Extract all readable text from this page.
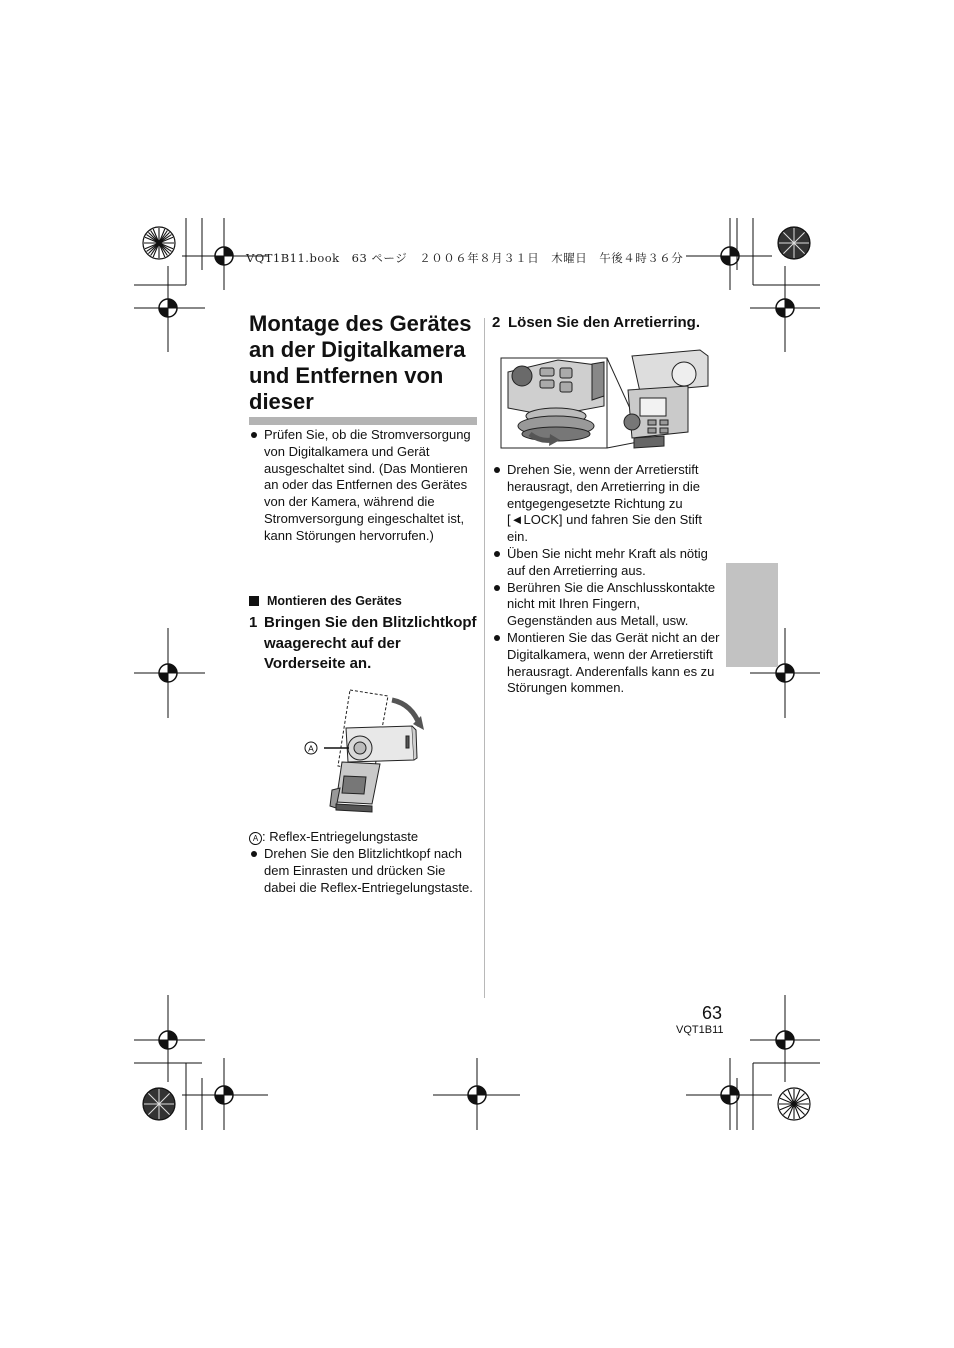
VQT1B11.book　63 ページ　２００６年８月３１日　木曜日　午後４時３６分
Montage des Gerätes an der Digitalkamera und Entfernen von dieser
Prüfen Sie, ob die Stromversorgung von Digitalkamera und Gerät ausgeschaltet sind. (Das Montieren an oder das Entfernen des Gerätes von der Kamera, während die Stromversorgung eingeschaltet ist, kann Störungen hervorrufen.)
Montieren des Gerätes
1 Bringen Sie den Blitzlichtkopf waagerecht auf der Vorderseite an.
A
A : Reflex-Entriegelungstaste
Drehen Sie den Blitzlichtkopf nach dem Einrasten und drücken Sie dabei die Reflex-Entriegelungstaste.
2 Lösen Sie den Arretierring.
Drehen Sie, wenn der Arretierstift herausragt, den Arretierring in die entgegengesetzte Richtung zu [◄LOCK] und fahren Sie den Stift ein.
Üben Sie nicht mehr Kraft als nötig auf den Arretierring aus.
Berühren Sie die Anschlusskontakte nicht mit Ihren Fingern, Gegenständen aus Metall, usw.
Montieren Sie das Gerät nicht an der Digitalkamera, wenn der Arretierstift herausragt. Anderenfalls kann es zu Störungen kommen.
63
VQT1B11
